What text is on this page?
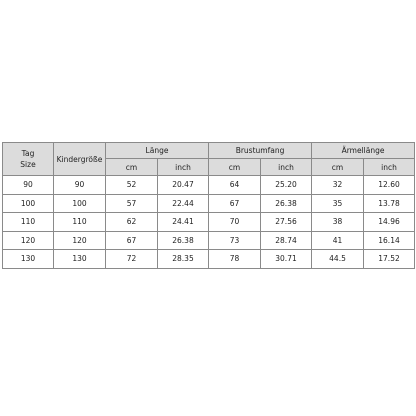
Tag
Size	Kindergröße	Länge		Brustumfang		Ärmellänge	
		cm	inch	cm	inch	cm	inch
90	90	52	20.47	64	25.20	32	12.60
100	100	57	22.44	67	26.38	35	13.78
110	110	62	24.41	70	27.56	38	14.96
120	120	67	26.38	73	28.74	41	16.14
130	130	72	28.35	78	30.71	44.5	17.52
